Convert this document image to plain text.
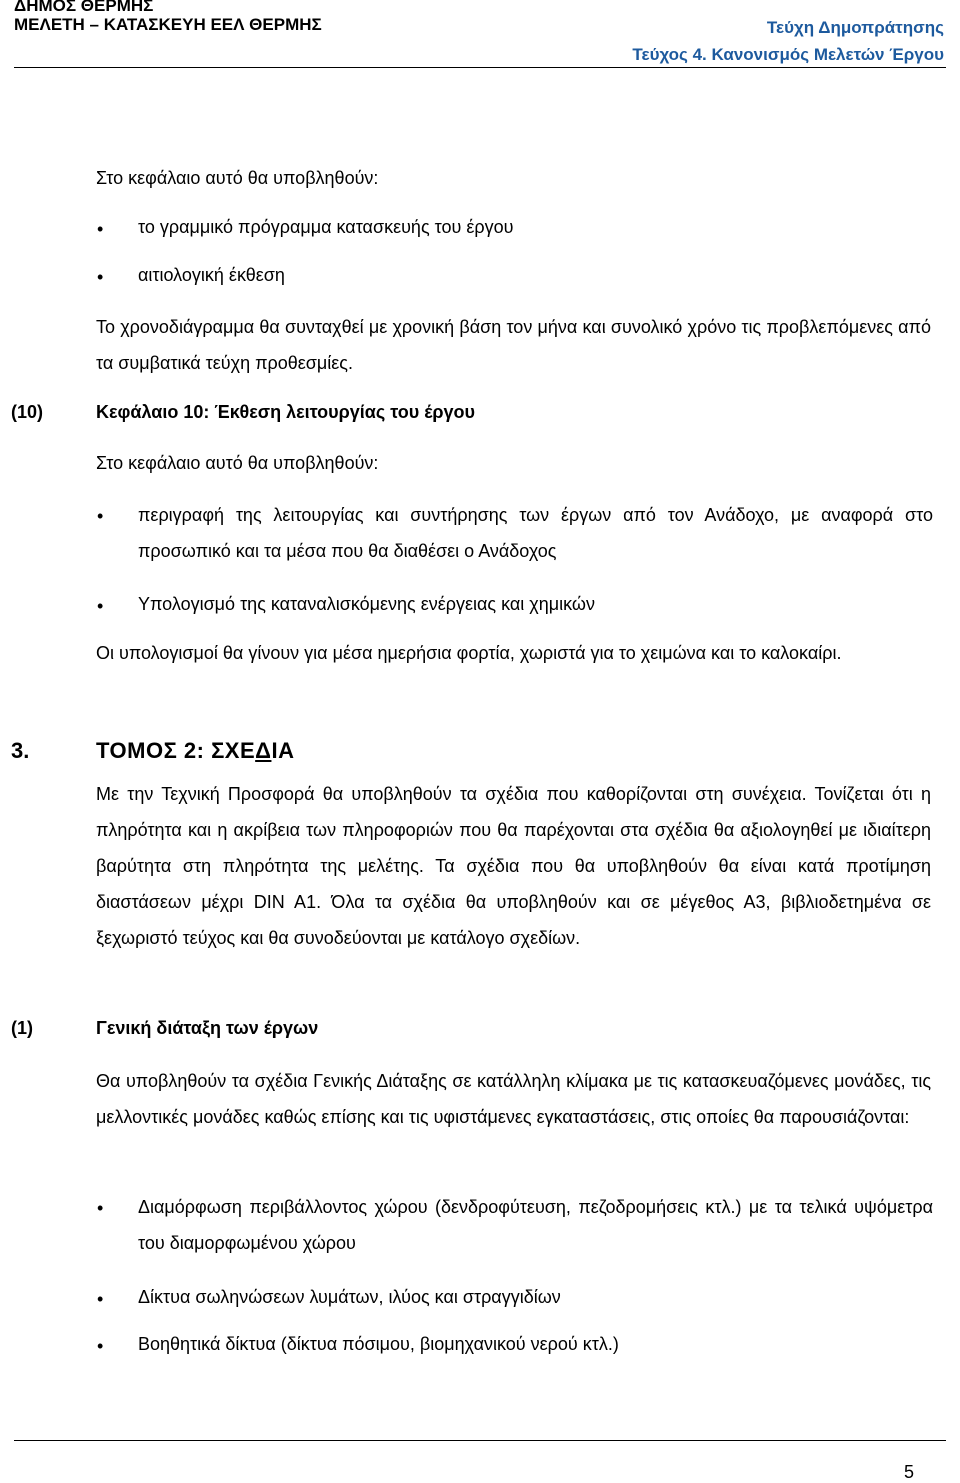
ΔΗΜΟΣ ΘΕΡΜΗΣ
ΜΕΛΕΤΗ – ΚΑΤΑΣΚΕΥΗ ΕΕΛ ΘΕΡΜΗΣ	Τεύχη Δημοπράτησης
Τεύχος 4. Κανονισμός Μελετών Έργου

Στο κεφάλαιο αυτό θα υποβληθούν:

• το γραμμικό πρόγραμμα κατασκευής του έργου

• αιτιολογική έκθεση

Το χρονοδιάγραμμα θα συνταχθεί με χρονική βάση τον μήνα και συνολικό χρόνο τις προβλεπόμενες από τα συμβατικά τεύχη προθεσμίες.

(10)	Κεφάλαιο 10: Έκθεση λειτουργίας του έργου

Στο κεφάλαιο αυτό θα υποβληθούν:

• περιγραφή της λειτουργίας και συντήρησης των έργων από τον Ανάδοχο, με αναφορά στο προσωπικό και τα μέσα που θα διαθέσει ο Ανάδοχος

• Υπολογισμό της καταναλισκόμενης ενέργειας και χημικών

Οι υπολογισμοί θα γίνουν για μέσα ημερήσια φορτία, χωριστά για το χειμώνα και το καλοκαίρι.

3.	ΤΟΜΟΣ 2: ΣΧΕΔΙΑ

Με την Τεχνική Προσφορά θα υποβληθούν τα σχέδια που καθορίζονται στη συνέχεια. Τονίζεται ότι η πληρότητα και η ακρίβεια των πληροφοριών που θα παρέχονται στα σχέδια θα αξιολογηθεί με ιδιαίτερη βαρύτητα στη πληρότητα της μελέτης. Τα σχέδια που θα υποβληθούν θα είναι κατά προτίμηση διαστάσεων μέχρι DIN A1. Όλα τα σχέδια θα υποβληθούν και σε μέγεθος Α3, βιβλιοδετημένα σε ξεχωριστό τεύχος και θα συνοδεύονται με κατάλογο σχεδίων.

(1)	Γενική διάταξη των έργων

Θα υποβληθούν τα σχέδια Γενικής Διάταξης σε κατάλληλη κλίμακα με τις κατασκευαζόμενες μονάδες, τις μελλοντικές μονάδες καθώς επίσης και τις υφιστάμενες εγκαταστάσεις, στις οποίες θα παρουσιάζονται:

• Διαμόρφωση περιβάλλοντος χώρου (δενδροφύτευση, πεζοδρομήσεις κτλ.) με τα τελικά υψόμετρα του διαμορφωμένου χώρου

• Δίκτυα σωληνώσεων λυμάτων, ιλύος και στραγγιδίων

• Βοηθητικά δίκτυα (δίκτυα πόσιμου, βιομηχανικού νερού κτλ.)

5
